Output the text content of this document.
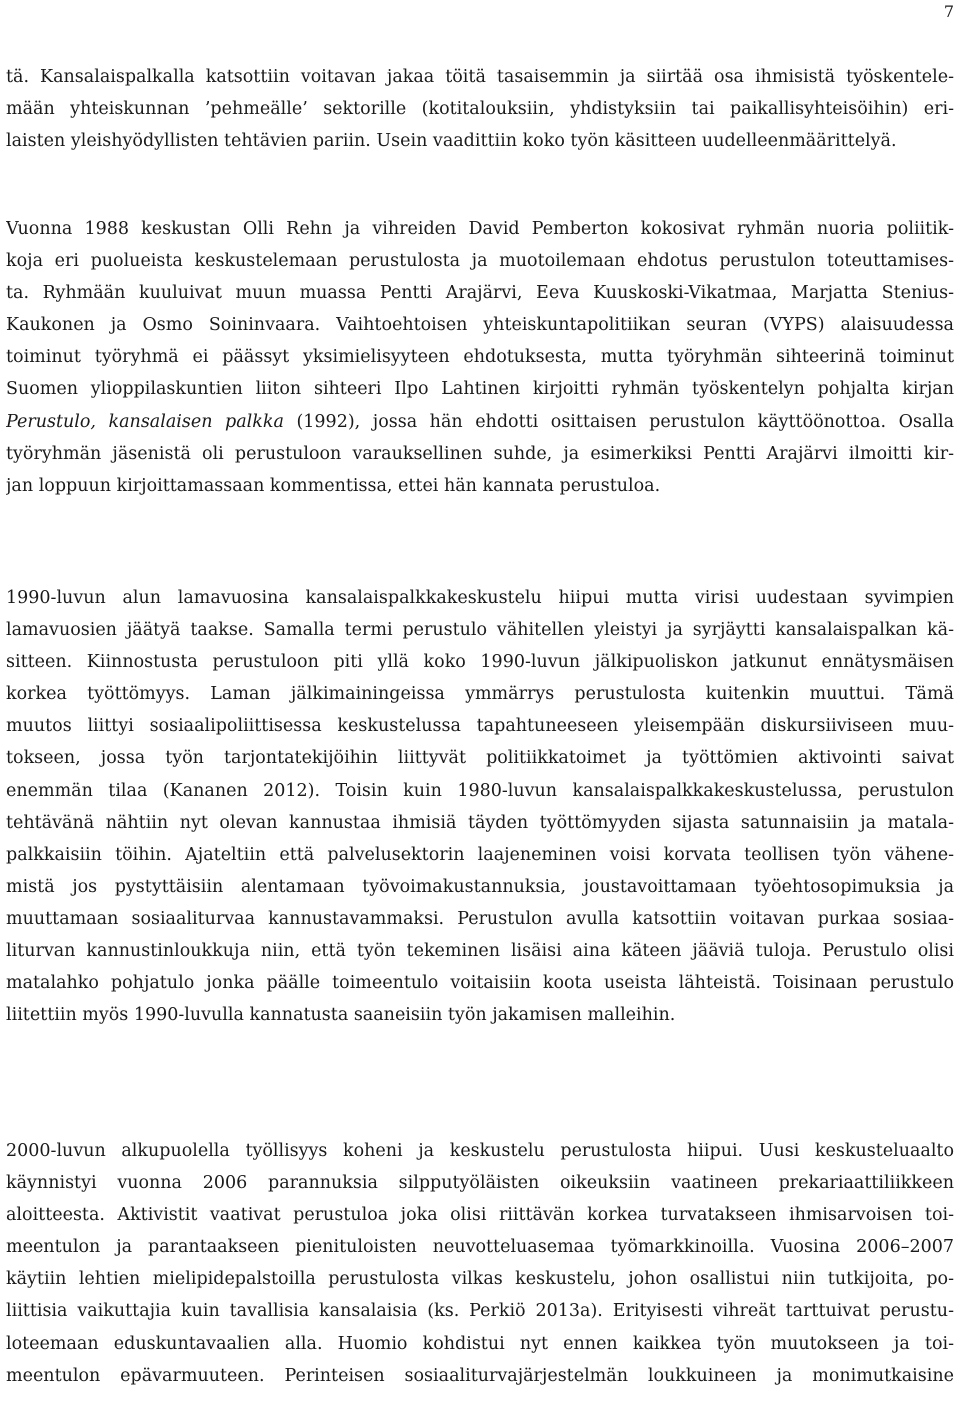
7

tä. Kansalaispalkalla katsottiin voitavan jakaa töitä tasaisemmin ja siirtää osa ihmisistä työskentele-
mään yhteiskunnan ’pehmeälle’ sektorille (kotitalouksiin, yhdistyksiin tai paikallisyhteisöihin) eri-
laisten yleishyödyllisten tehtävien pariin. Usein vaadittiin koko työn käsitteen uudelleenmäärittelyä.

Vuonna 1988 keskustan Olli Rehn ja vihreiden David Pemberton kokosivat ryhmän nuoria poliitik-
koja eri puolueista keskustelemaan perustulosta ja muotoilemaan ehdotus perustulon toteuttamises-
ta. Ryhmään kuuluivat muun muassa Pentti Arajärvi, Eeva Kuuskoski-Vikatmaa, Marjatta Stenius-
Kaukonen ja Osmo Soininvaara. Vaihtoehtoisen yhteiskuntapolitiikan seuran (VYPS) alaisuudessa
toiminut työryhmä ei päässyt yksimielisyyteen ehdotuksesta, mutta työryhmän sihteerinä toiminut
Suomen ylioppilaskuntien liiton sihteeri Ilpo Lahtinen kirjoitti ryhmän työskentelyn pohjalta kirjan
Perustulo, kansalaisen palkka (1992), jossa hän ehdotti osittaisen perustulon käyttöönottoa. Osalla
työryhmän jäsenistä oli perustuloon varauksellinen suhde, ja esimerkiksi Pentti Arajärvi ilmoitti kir-
jan loppuun kirjoittamassaan kommentissa, ettei hän kannata perustuloa.

1990-luvun alun lamavuosina kansalaispalkkakeskustelu hiipui mutta virisi uudestaan syvimpien
lamavuosien jäätyä taakse. Samalla termi perustulo vähitellen yleistyi ja syrjäytti kansalaispalkan kä-
sitteen. Kiinnostusta perustuloon piti yllä koko 1990-luvun jälkipuoliskon jatkunut ennätysmäisen
korkea työttömyys. Laman jälkimainingeissa ymmärrys perustulosta kuitenkin muuttui. Tämä
muutos liittyi sosiaalipoliittisessa keskustelussa tapahtuneeseen yleisempään diskursiiviseen muu-
tokseen, jossa työn tarjontatekijöihin liittyvät politiikkatoimet ja työttömien aktivointi saivat
enemmän tilaa (Kananen 2012). Toisin kuin 1980-luvun kansalaispalkkakeskustelussa, perustulon
tehtävänä nähtiin nyt olevan kannustaa ihmisiä täyden työttömyyden sijasta satunnaisiin ja matala-
palkkaisiin töihin. Ajateltiin että palvelusektorin laajeneminen voisi korvata teollisen työn vähene-
mistä jos pystyttäisiin alentamaan työvoimakustannuksia, joustavoittamaan työehtosopimuksia ja
muuttamaan sosiaaliturvaa kannustavammaksi. Perustulon avulla katsottiin voitavan purkaa sosiaa-
liturvan kannustinloukkuja niin, että työn tekeminen lisäisi aina käteen jääviä tuloja. Perustulo olisi
matalahko pohjatulo jonka päälle toimeentulo voitaisiin koota useista lähteistä. Toisinaan perustulo
liitettiin myös 1990-luvulla kannatusta saaneisiin työn jakamisen malleihin.

2000-luvun alkupuolella työllisyys koheni ja keskustelu perustulosta hiipui. Uusi keskusteluaalto
käynnistyi vuonna 2006 parannuksia silpputyöläisten oikeuksiin vaatineen prekariaattiliikkeen
aloitteesta. Aktivistit vaativat perustuloa joka olisi riittävän korkea turvatakseen ihmisarvoisen toi-
meentulon ja parantaakseen pienituloisten neuvotteluasemaa työmarkkinoilla. Vuosina 2006–2007
käytiin lehtien mielipidepalstoilla perustulosta vilkas keskustelu, johon osallistui niin tutkijoita, po-
liittisia vaikuttajia kuin tavallisia kansalaisia (ks. Perkiö 2013a). Erityisesti vihreät tarttuivat perustu-
loteemaan eduskuntavaalien alla. Huomio kohdistui nyt ennen kaikkea työn muutokseen ja toi-
meentulon epävarmuuteen. Perinteisen sosiaaliturvajärjestelmän loukkuineen ja monimutkaisine
